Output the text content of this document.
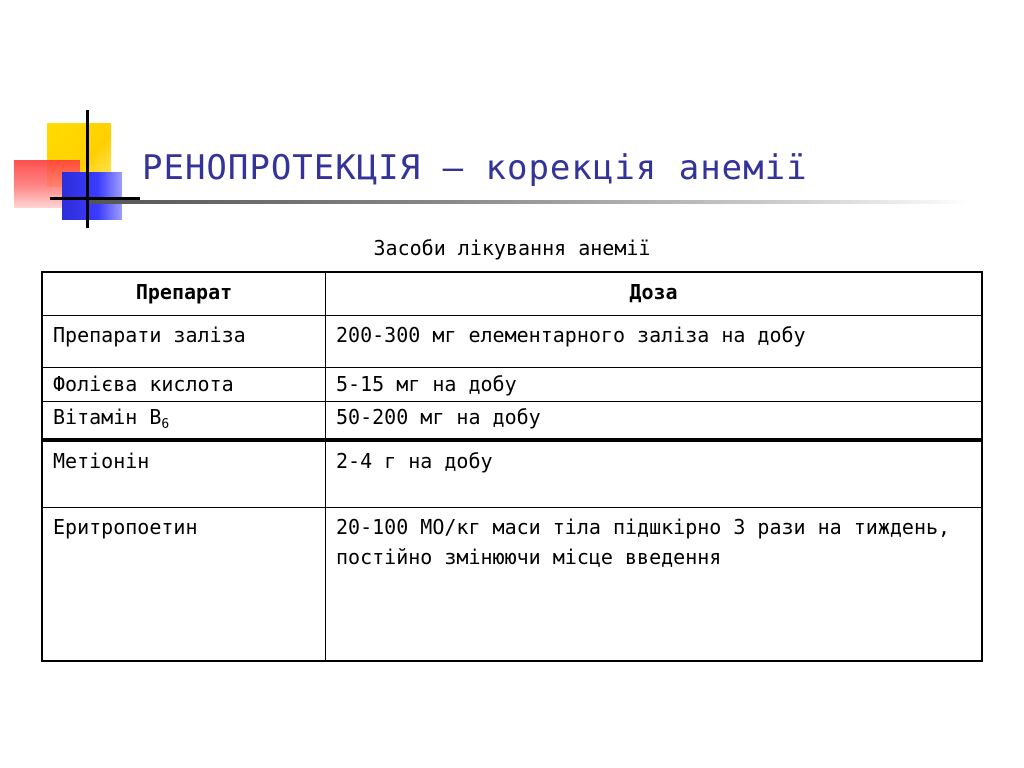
РЕНОПРОТЕКЦІЯ – корекція анемії
Засоби лікування анемії
Препарат	Доза
Препарати заліза	200-300 мг елементарного заліза на добу
Фолієва кислота	5-15 мг на добу
Вітамін $В_6$	50-200 мг на добу
Метіонін	2-4 г на добу
Еритропоетин	20-100 МО/кг маси тіла підшкірно 3 рази на тиждень, постійно змінюючи місце введення
